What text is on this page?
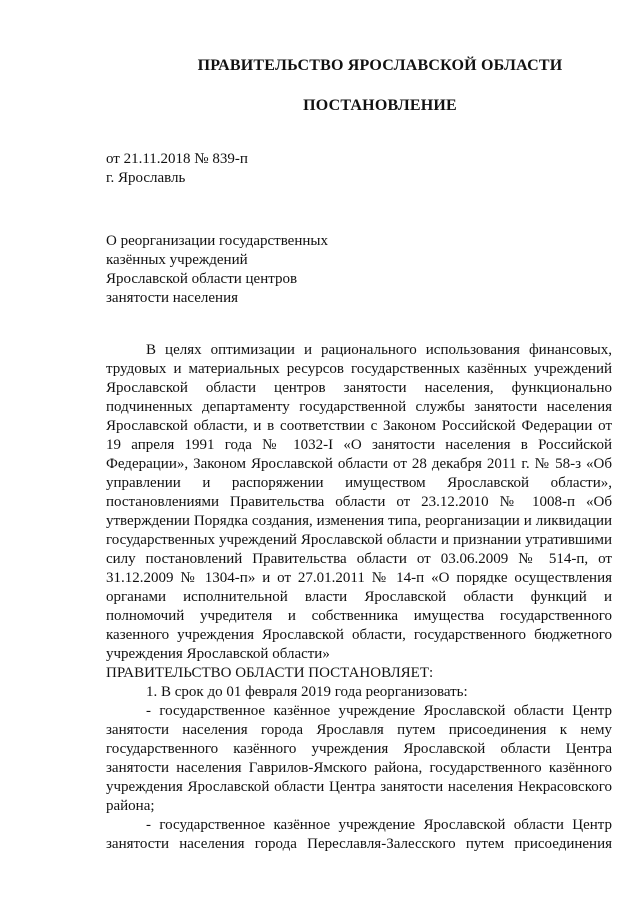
ПРАВИТЕЛЬСТВО ЯРОСЛАВСКОЙ ОБЛАСТИ
ПОСТАНОВЛЕНИЕ
от 21.11.2018 № 839-п
г. Ярославль
О реорганизации государственных
казённых учреждений
Ярославской области центров
занятости населения

В целях оптимизации и рационального использования финансовых, трудовых и материальных ресурсов государственных казённых учреждений Ярославской области центров занятости населения, функционально подчиненных департаменту государственной службы занятости населения Ярославской области, и в соответствии с Законом Российской Федерации от 19 апреля 1991 года № 1032-I «О занятости населения в Российской Федерации», Законом Ярославской области от 28 декабря 2011 г. № 58-з «Об управлении и распоряжении имуществом Ярославской области», постановлениями Правительства области от 23.12.2010 № 1008-п «Об утверждении Порядка создания, изменения типа, реорганизации и ликвидации государственных учреждений Ярославской области и признании утратившими силу постановлений Правительства области от 03.06.2009 № 514-п, от 31.12.2009 № 1304-п» и от 27.01.2011 № 14-п «О порядке осуществления органами исполнительной власти Ярославской области функций и полномочий учредителя и собственника имущества государственного казенного учреждения Ярославской области, государственного бюджетного учреждения Ярославской области»

ПРАВИТЕЛЬСТВО ОБЛАСТИ ПОСТАНОВЛЯЕТ:

1. В срок до 01 февраля 2019 года реорганизовать:

- государственное казённое учреждение Ярославской области Центр занятости населения города Ярославля путем присоединения к нему государственного казённого учреждения Ярославской области Центра занятости населения Гаврилов-Ямского района, государственного казённого учреждения Ярославской области Центра занятости населения Некрасовского района;

- государственное казённое учреждение Ярославской области Центр занятости населения города Переславля-Залесского путем присоединения
